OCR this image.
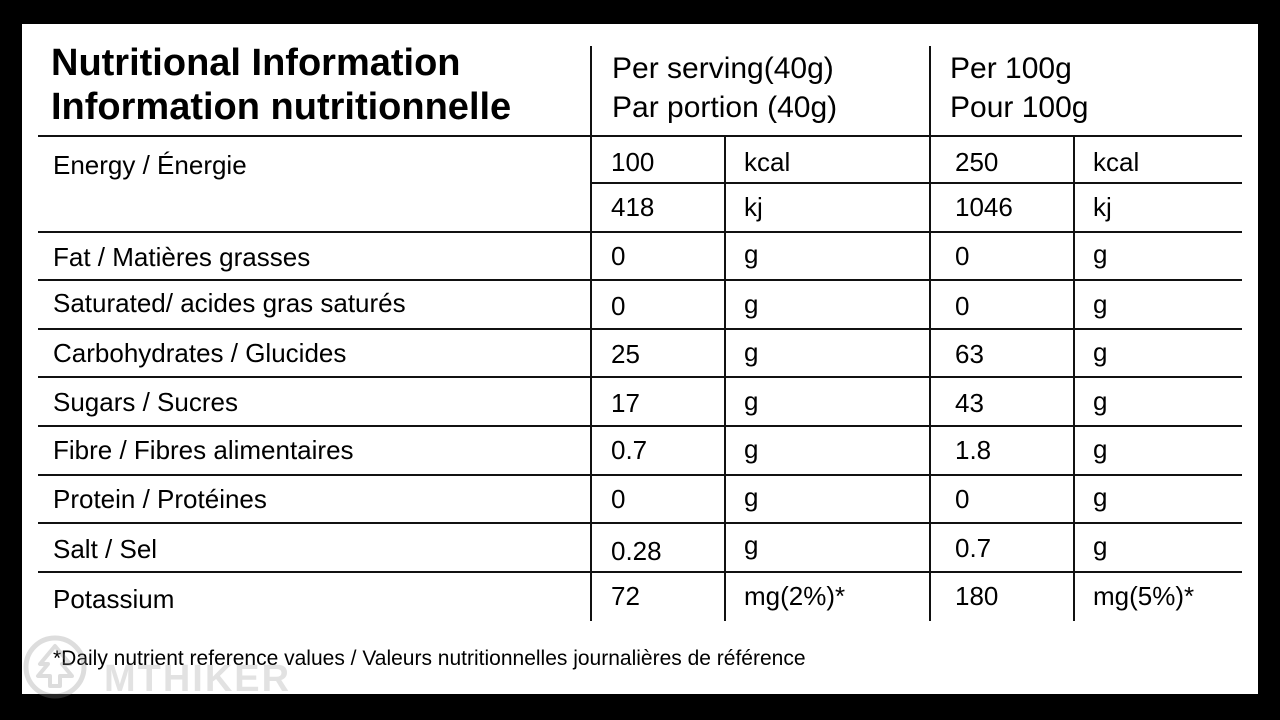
Nutritional Information
Information nutritionnelle
Per serving(40g)
Par portion (40g)
Per 100g
Pour 100g
Energy / Énergie	100	kcal	250	kcal
418	kj	1046	kj
Fat / Matières grasses	0	g	0	g
Saturated/ acides gras saturés	0	g	0	g
Carbohydrates / Glucides	25	g	63	g
Sugars / Sucres	17	g	43	g
Fibre / Fibres alimentaires	0.7	g	1.8	g
Protein / Protéines	0	g	0	g
Salt / Sel	0.28	g	0.7	g
Potassium	72	mg(2%)*	180	mg(5%)*
*Daily nutrient reference values / Valeurs nutritionnelles journalières de référence
MTHIKER
